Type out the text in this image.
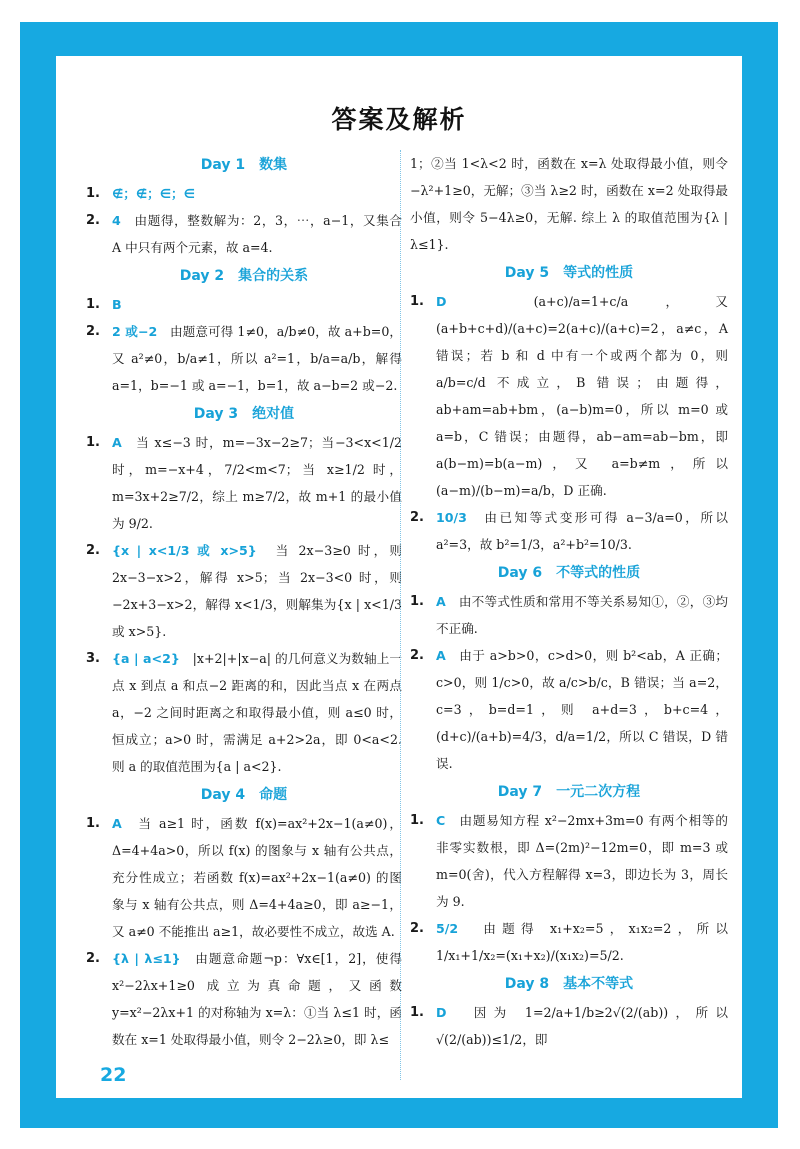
答案及解析
Day 1　数集
1. ∉；∉；∈；∈　
2. 4　 由题得，整数解为：2，3，⋯，a−1，又集合 A 中只有两个元素，故 a=4.
Day 2　集合的关系
1. B　
2. 2 或−2　 由题意可得 1≠0，a/b≠0，故 a+b=0，又 a²≠0，b/a≠1，所以 a²=1，b/a=a/b，解得 a=1，b=−1 或 a=−1，b=1，故 a−b=2 或−2.
Day 3　绝对值
1. A　 当 x≤−3 时，m=−3x−2≥7；当−3<x<1/2 时，m=−x+4，7/2<m<7；当 x≥1/2 时，m=3x+2≥7/2，综上 m≥7/2，故 m+1 的最小值为 9/2.
2. {x | x<1/3 或 x>5}　 当 2x−3≥0 时，则 2x−3−x>2，解得 x>5；当 2x−3<0 时，则−2x+3−x>2，解得 x<1/3，则解集为{x | x<1/3 或 x>5}.
3. {a | a<2}　 |x+2|+|x−a| 的几何意义为数轴上一点 x 到点 a 和点−2 距离的和，因此当点 x 在两点 a，−2 之间时距离之和取得最小值，则 a≤0 时，恒成立；a>0 时，需满足 a+2>2a，即 0<a<2. 则 a 的取值范围为{a | a<2}.
Day 4　命题
1. A　 当 a≥1 时，函数 f(x)=ax²+2x−1(a≠0)，Δ=4+4a>0，所以 f(x) 的图象与 x 轴有公共点，充分性成立；若函数 f(x)=ax²+2x−1(a≠0) 的图象与 x 轴有公共点，则 Δ=4+4a≥0，即 a≥−1，又 a≠0 不能推出 a≥1，故必要性不成立，故选 A.
2. {λ | λ≤1}　 由题意命题¬p：∀x∈[1，2]，使得 x²−2λx+1≥0 成立为真命题，又函数 y=x²−2λx+1 的对称轴为 x=λ：①当 λ≤1 时，函数在 x=1 处取得最小值，则令 2−2λ≥0，即 λ≤
1；②当 1<λ<2 时，函数在 x=λ 处取得最小值，则令−λ²+1≥0，无解；③当 λ≥2 时，函数在 x=2 处取得最小值，则令 5−4λ≥0，无解. 综上 λ 的取值范围为{λ | λ≤1}.
Day 5　等式的性质
1. D　	(a+c)/a=1+c/a，又 (a+b+c+d)/(a+c)=2(a+c)/(a+c)=2，a≠c，A 错误；若 b 和 d 中有一个或两个都为 0，则 a/b=c/d 不成立，B 错误；由题得，ab+am=ab+bm，(a−b)m=0，所以 m=0 或 a=b，C 错误；由题得，ab−am=ab−bm，即 a(b−m)=b(a−m)，又 a=b≠m，所以 (a−m)/(b−m)=a/b，D 正确.
2. 10/3　 由已知等式变形可得 a−3/a=0，所以 a²=3，故 b²=1/3，a²+b²=10/3.
Day 6　不等式的性质
1. A　 由不等式性质和常用不等关系易知①，②，③均不正确.
2. A　 由于 a>b>0，c>d>0，则 b²<ab，A 正确；c>0，则 1/c>0，故 a/c>b/c，B 错误；当 a=2，c=3，b=d=1，则 a+d=3，b+c=4，(d+c)/(a+b)=4/3，d/a=1/2，所以 C 错误，D 错误.
Day 7　一元二次方程
1. C　 由题易知方程 x²−2mx+3m=0 有两个相等的非零实数根，即 Δ=(2m)²−12m=0，即 m=3 或 m=0(舍)，代入方程解得 x=3，即边长为 3，周长为 9.
2. 5/2　 由题得 x₁+x₂=5，x₁x₂=2，所以 1/x₁+1/x₂=(x₁+x₂)/(x₁x₂)=5/2.
Day 8　基本不等式
1. D　 因为 1=2/a+1/b≥2√(2/(ab))，所以 √(2/(ab))≤1/2，即
22
